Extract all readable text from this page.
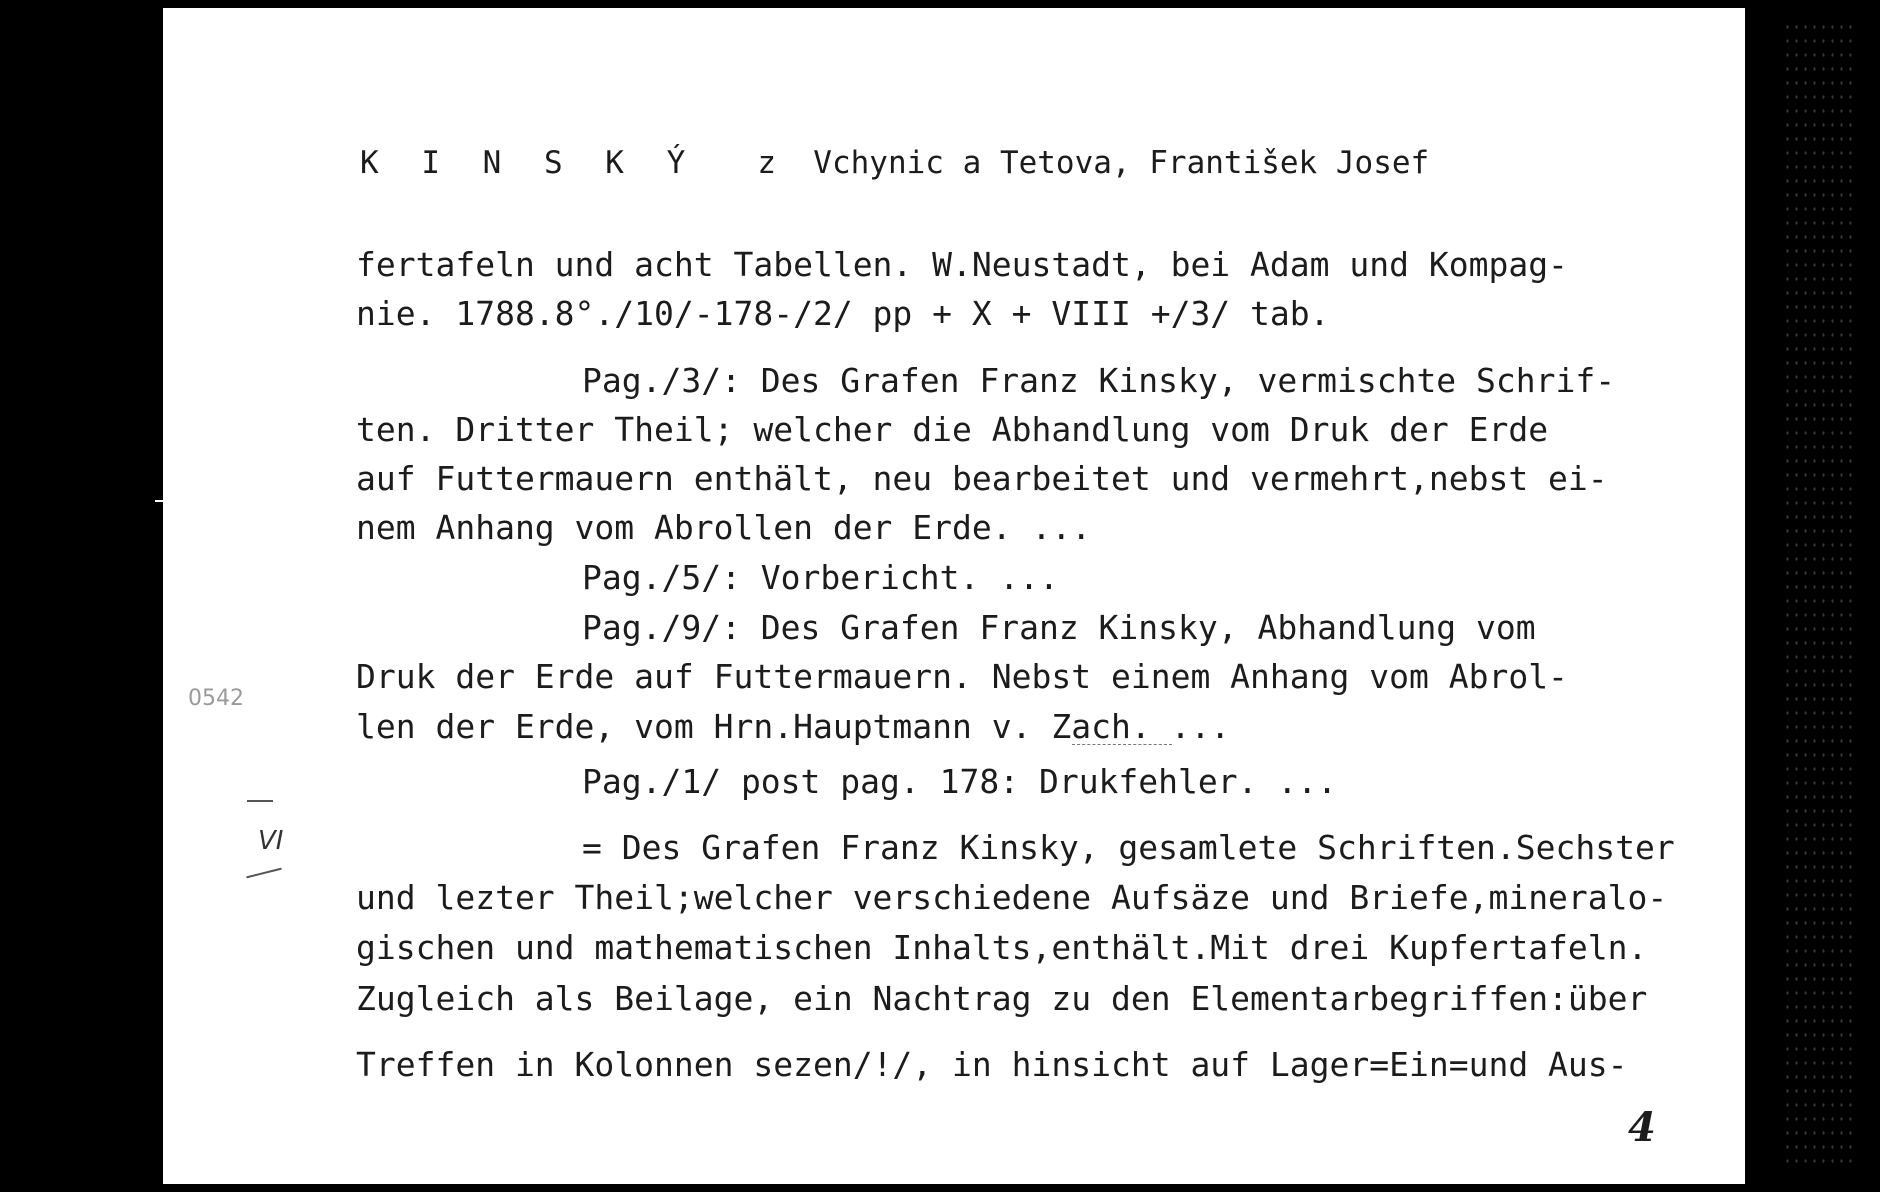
K I N S K Ý z  Vchynic a Tetova, František Josef
fertafeln und acht Tabellen. W.Neustadt, bei Adam und Kompag-
nie. 1788.8°./10/-178-/2/ pp + X + VIII +/3/ tab.
Pag./3/: Des Grafen Franz Kinsky, vermischte Schrif-
ten. Dritter Theil; welcher die Abhandlung vom Druk der Erde
auf Futtermauern enthält, neu bearbeitet und vermehrt,nebst ei-
nem Anhang vom Abrollen der Erde. ...
Pag./5/: Vorbericht. ...
Pag./9/: Des Grafen Franz Kinsky, Abhandlung vom
Druk der Erde auf Futtermauern. Nebst einem Anhang vom Abrol-
len der Erde, vom Hrn.Hauptmann v. Zach. ...
Pag./1/ post pag. 178: Drukfehler. ...
= Des Grafen Franz Kinsky, gesamlete Schriften.Sechster
und lezter Theil;welcher verschiedene Aufsäze und Briefe,mineralo-
gischen und mathematischen Inhalts,enthält.Mit drei Kupfertafeln.
Zugleich als Beilage, ein Nachtrag zu den Elementarbegriffen:über
Treffen in Kolonnen sezen/!/, in hinsicht auf Lager=Ein=und Aus-
0542
VI
4
